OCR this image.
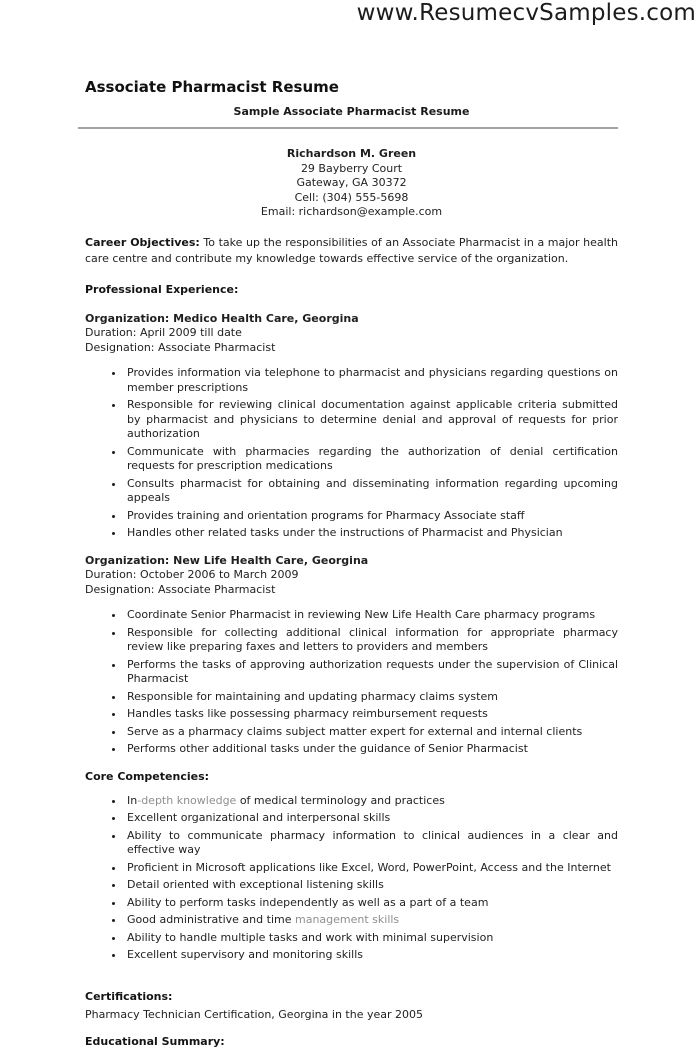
www.ResumecvSamples.com
Associate Pharmacist Resume
Sample Associate Pharmacist Resume
Richardson M. Green
29 Bayberry Court
Gateway, GA 30372
Cell: (304) 555-5698
Email: richardson@example.com
Career Objectives: To take up the responsibilities of an Associate Pharmacist in a major health care centre and contribute my knowledge towards effective service of the organization.
Professional Experience:
Organization: Medico Health Care, Georgina
Duration: April 2009 till date
Designation: Associate Pharmacist
• Provides information via telephone to pharmacist and physicians regarding questions on member prescriptions
• Responsible for reviewing clinical documentation against applicable criteria submitted by pharmacist and physicians to determine denial and approval of requests for prior authorization
• Communicate with pharmacies regarding the authorization of denial certification requests for prescription medications
• Consults pharmacist for obtaining and disseminating information regarding upcoming appeals
• Provides training and orientation programs for Pharmacy Associate staff
• Handles other related tasks under the instructions of Pharmacist and Physician
Organization: New Life Health Care, Georgina
Duration: October 2006 to March 2009
Designation: Associate Pharmacist
• Coordinate Senior Pharmacist in reviewing New Life Health Care pharmacy programs
• Responsible for collecting additional clinical information for appropriate pharmacy review like preparing faxes and letters to providers and members
• Performs the tasks of approving authorization requests under the supervision of Clinical Pharmacist
• Responsible for maintaining and updating pharmacy claims system
• Handles tasks like possessing pharmacy reimbursement requests
• Serve as a pharmacy claims subject matter expert for external and internal clients
• Performs other additional tasks under the guidance of Senior Pharmacist
Core Competencies:
• In-depth knowledge of medical terminology and practices
• Excellent organizational and interpersonal skills
• Ability to communicate pharmacy information to clinical audiences in a clear and effective way
• Proficient in Microsoft applications like Excel, Word, PowerPoint, Access and the Internet
• Detail oriented with exceptional listening skills
• Ability to perform tasks independently as well as a part of a team
• Good administrative and time management skills
• Ability to handle multiple tasks and work with minimal supervision
• Excellent supervisory and monitoring skills
Certifications:
Pharmacy Technician Certification, Georgina in the year 2005
Educational Summary:
